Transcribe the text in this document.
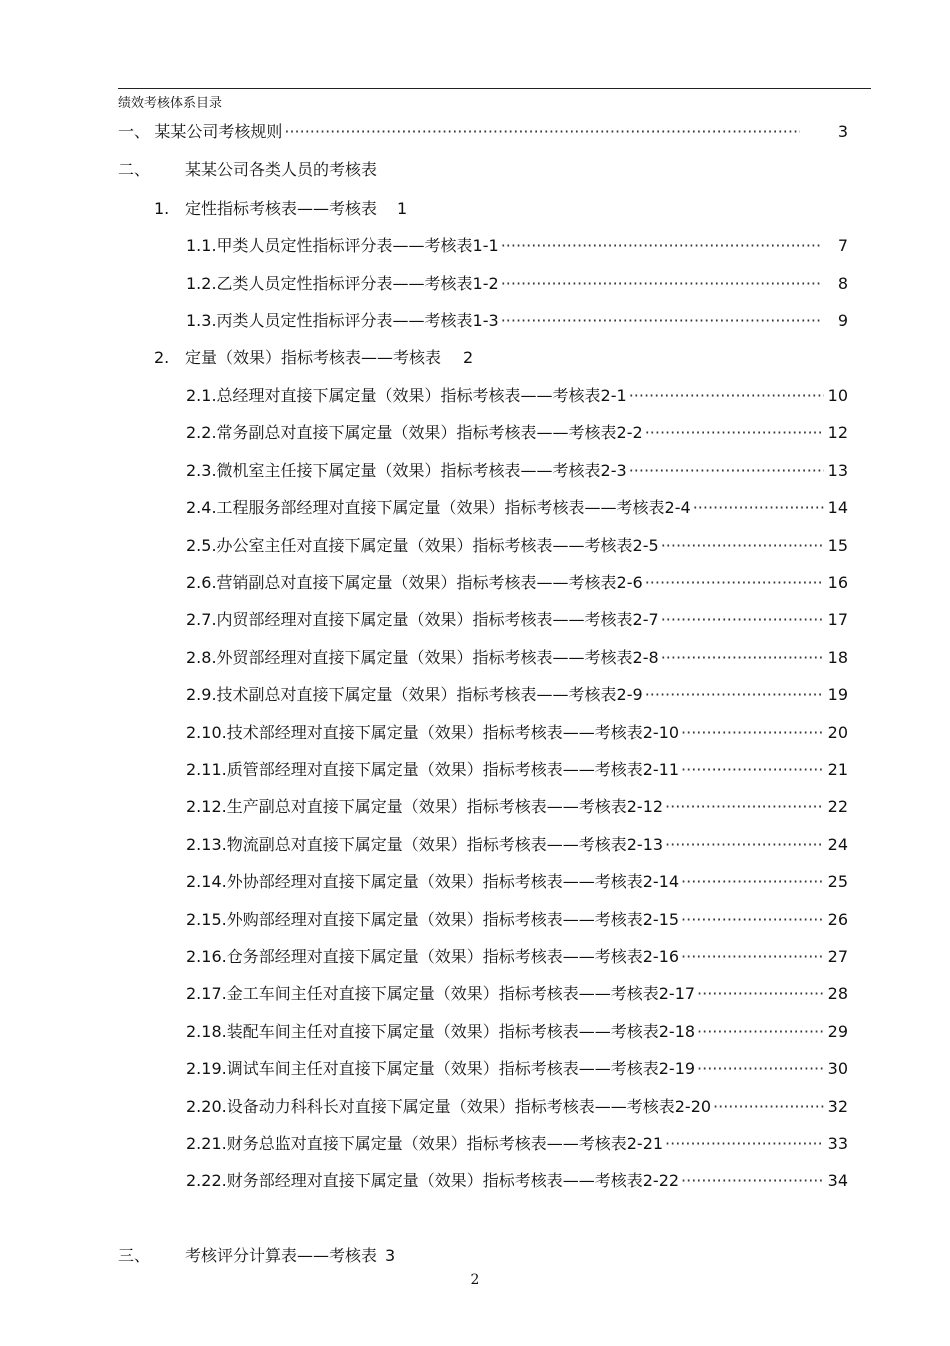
绩效考核体系目录
一、 某某公司考核规则 ·····	3
二、	某某公司各类人员的考核表
1. 定性指标考核表——考核表 1
1.1. 甲类人员定性指标评分表——考核表 1-1 ·····	7
1.2. 乙类人员定性指标评分表——考核表 1-2 ·····	8
1.3. 丙类人员定性指标评分表——考核表 1-3 ·····	9
2. 定量（效果）指标考核表——考核表 2
2.1. 总经理对直接下属定量（效果）指标考核表——考核表 2-1 ·····	10
2.2. 常务副总对直接下属定量（效果）指标考核表——考核表 2-2 ·····	12
2.3. 微机室主任接下属定量（效果）指标考核表——考核表 2-3 ·····	13
2.4. 工程服务部经理对直接下属定量（效果）指标考核表——考核表 2-4 ·····	14
2.5. 办公室主任对直接下属定量（效果）指标考核表——考核表 2-5 ·····	15
2.6. 营销副总对直接下属定量（效果）指标考核表——考核表 2-6 ·····	16
2.7. 内贸部经理对直接下属定量（效果）指标考核表——考核表 2-7 ·····	17
2.8. 外贸部经理对直接下属定量（效果）指标考核表——考核表 2-8 ·····	18
2.9. 技术副总对直接下属定量（效果）指标考核表——考核表 2-9 ·····	19
2.10. 技术部经理对直接下属定量（效果）指标考核表——考核表 2-10 ·····	20
2.11. 质管部经理对直接下属定量（效果）指标考核表——考核表 2-11 ·····	21
2.12. 生产副总对直接下属定量（效果）指标考核表——考核表 2-12 ·····	22
2.13. 物流副总对直接下属定量（效果）指标考核表——考核表 2-13 ·····	24
2.14. 外协部经理对直接下属定量（效果）指标考核表——考核表 2-14 ·····	25
2.15. 外购部经理对直接下属定量（效果）指标考核表——考核表 2-15 ·····	26
2.16. 仓务部经理对直接下属定量（效果）指标考核表——考核表 2-16 ·····	27
2.17. 金工车间主任对直接下属定量（效果）指标考核表——考核表 2-17 ·····	28
2.18. 装配车间主任对直接下属定量（效果）指标考核表——考核表 2-18 ·····	29
2.19. 调试车间主任对直接下属定量（效果）指标考核表——考核表 2-19 ·····	30
2.20. 设备动力科科长对直接下属定量（效果）指标考核表——考核表 2-20 ·····	32
2.21. 财务总监对直接下属定量（效果）指标考核表——考核表 2-21 ·····	33
2.22. 财务部经理对直接下属定量（效果）指标考核表——考核表 2-22 ·····	34
三、	考核评分计算表——考核表 3
2
